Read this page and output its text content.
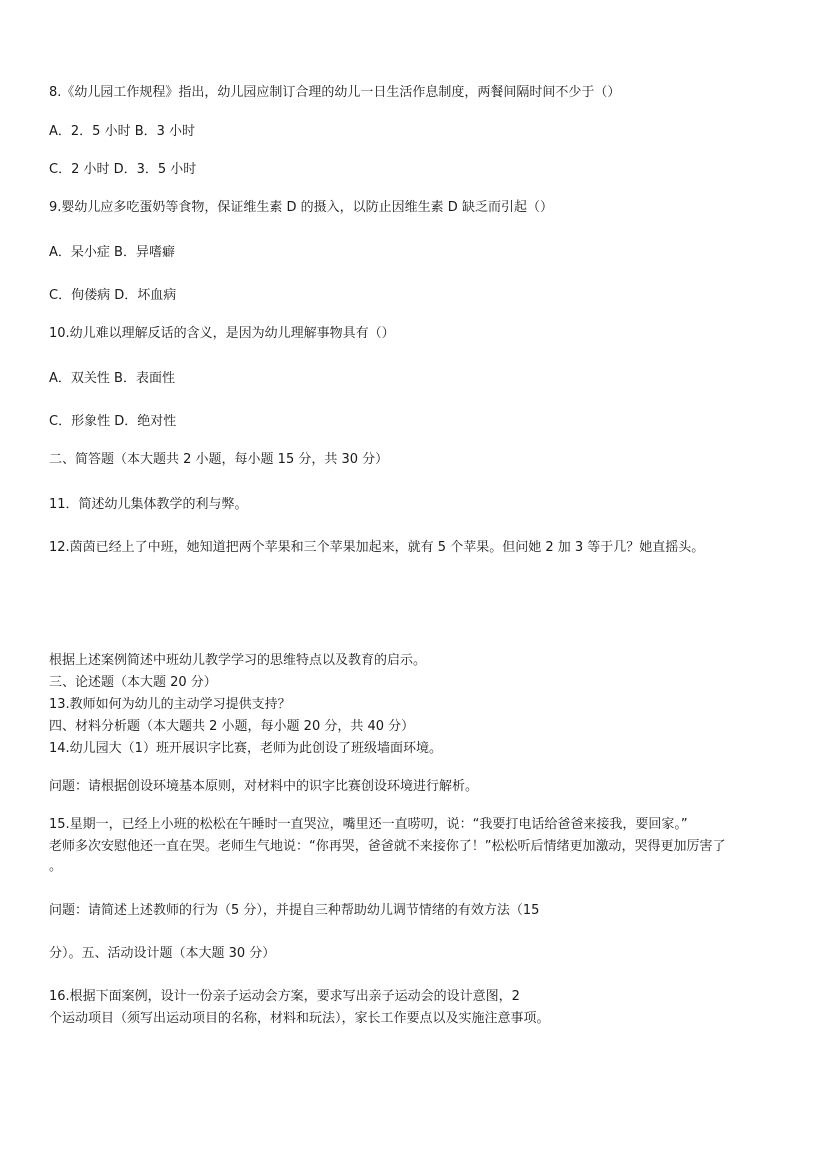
8.《幼儿园工作规程》指出，幼儿园应制订合理的幼儿一日生活作息制度，两餐间隔时间不少于（）
A．2．5 小时 B．3 小时
C．2 小时 D．3．5 小时
9.婴幼儿应多吃蛋奶等食物，保证维生素 D 的摄入，以防止因维生素 D 缺乏而引起（）
A．呆小症 B．异嗜癖
C．佝偻病 D．坏血病
10.幼儿难以理解反话的含义，是因为幼儿理解事物具有（）
A．双关性 B．表面性
C．形象性 D．绝对性
二、简答题（本大题共 2 小题，每小题 15 分，共 30 分）
11．简述幼儿集体教学的利与弊。
12.茵茵已经上了中班，她知道把两个苹果和三个苹果加起来，就有 5 个苹果。但问她 2 加 3 等于几？她直摇头。
根据上述案例简述中班幼儿教学学习的思维特点以及教育的启示。
三、论述题（本大题 20 分）
13.教师如何为幼儿的主动学习提供支持？
四、材料分析题（本大题共 2 小题，每小题 20 分，共 40 分）
14.幼儿园大（1）班开展识字比赛，老师为此创设了班级墙面环境。
问题：请根据创设环境基本原则，对材料中的识字比赛创设环境进行解析。
15.星期一，已经上小班的松松在午睡时一直哭泣，嘴里还一直唠叨，说：“我要打电话给爸爸来接我，要回家。”
老师多次安慰他还一直在哭。老师生气地说：“你再哭，爸爸就不来接你了！”松松听后情绪更加激动，哭得更加厉害了
。
问题：请简述上述教师的行为（5 分），并提自三种帮助幼儿调节情绪的有效方法（15
分）。五、活动设计题（本大题 30 分）
16.根据下面案例，设计一份亲子运动会方案，要求写出亲子运动会的设计意图，2
个运动项目（须写出运动项目的名称，材料和玩法），家长工作要点以及实施注意事项。
